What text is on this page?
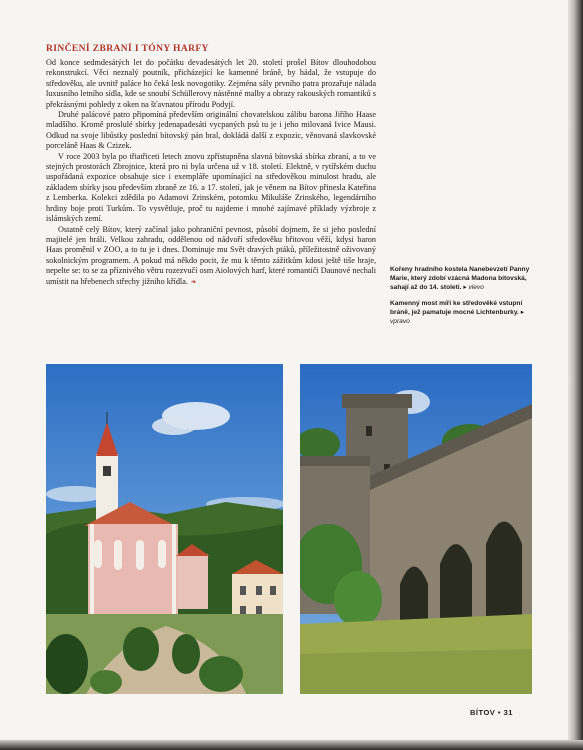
RINČENÍ ZBRANÍ I TÓNY HARFY

Od konce sedmdesátých let do počátku devadesátých let 20. století prošel Bítov dlouhodobou rekonstrukcí. Věci neznalý poutník, přicházející ke kamenné bráně, by hádal, že vstupuje do středověku, ale uvnitř paláce ho čeká lesk novogotiky. Zejména sály prvního patra prozařuje nálada luxusního letního sídla, kde se snoubí Schüllerovy nástěnné malby a obrazy rakouských romantiků s překrásnými pohledy z oken na šťavnatou přírodu Podyjí.

Druhé palácové patro připomíná především originální chovatelskou zálibu barona Jiřího Haase mladšího. Kromě proslulé sbírky jedenapadesáti vycpaných psů tu je i jeho milovaná Ivice Mausi. Odkud na svoje libůstky poslední bítovský pán bral, dokládá další z expozic, věnovaná slavkovské porceláně Haas & Czizek.

V roce 2003 byla po třiatřiceti letech znovu zpřístupněna slavná bítovská sbírka zbraní, a to ve stejných prostorách Zbrojnice, která pro ni byla určena už v 18. století. Elektně, v rytířském duchu uspořádaná expozice obsahuje sice i exempláře upomínající na středověkou minulost hradu, ale základem sbírky jsou především zbraně ze 16. a 17. století, jak je věnem na Bítov přinesla Kateřina z Lemberka. Kolekci zdědila po Adamovi Zrinském, potomku Mikuláše Zrinského, legendárního hrdiny boje proti Turkům. To vysvětluje, proč tu najdeme i mnohé zajímavé příklady výzbroje z islámských zemí.

Ostatně celý Bítov, který začínal jako pohraniční pevnost, působí dojmem, že si jeho poslední majitelé jen hráli. Velkou zahradu, oddělenou od nádvoří středověku břitovou věží, kdysi baron Haas proměnil v ZOO, a to tu je i dnes. Dominuje mu Svět dravých ptáků, příležitostně oživovaný sokolnickým programem. A pokud má někdo pocit, že mu k těmto zážitkům kdosi ještě tiše hraje, nepelte se: to se za příznivého větru rozezvučí osm Aiolových harf, které romantiči Daunové nechali umístit na hřebenech střechy jižního křídla. ❧

Kořeny hradního kostela Nanebevzetí Panny Marie, který zdobí vzácná Madona bítovská, sahají až do 14. století. ▸ vlevo

Kamenný most míří ke středověké vstupní bráně, jež pamatuje mocné Lichtenburky. ▸ vpravo

BÍTOV • 31
